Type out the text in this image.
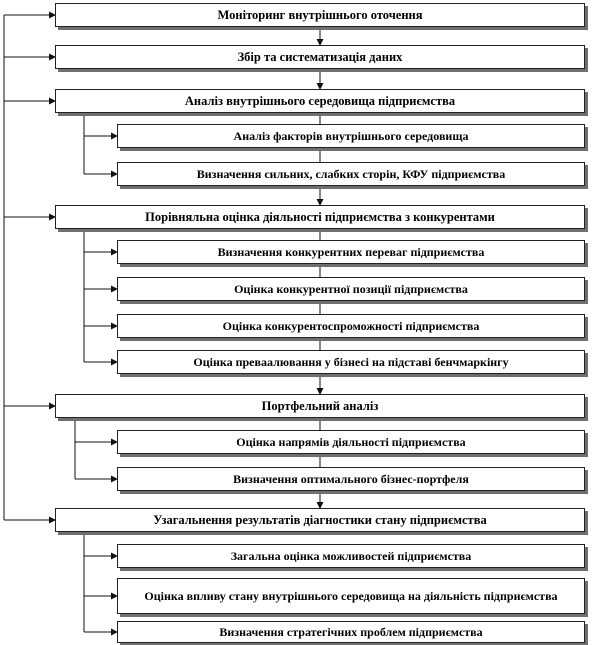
Моніторинг внутрішнього оточення
Збір та систематизація даних
Аналіз внутрішнього середовища підприємства
Порівняльна оцінка діяльності підприємства з конкурентами
Портфельний аналіз
Узагальнення результатів діагностики стану підприємства
Аналіз факторів внутрішнього середовища
Визначення сильних, слабких сторін, КФУ підприємства
Визначення конкурентних переваг підприємства
Оцінка конкурентної позиції підприємства
Оцінка конкурентоспроможності підприємства
Оцінка преваалювання у бізнесі на підставі бенчмаркінгу
Оцінка напрямів діяльності підприємства
Визначення оптимального бізнес-портфеля
Загальна оцінка можливостей підприємства
Оцінка впливу стану внутрішнього середовища на діяльність підприємства
Визначення стратегічних проблем підприємства
